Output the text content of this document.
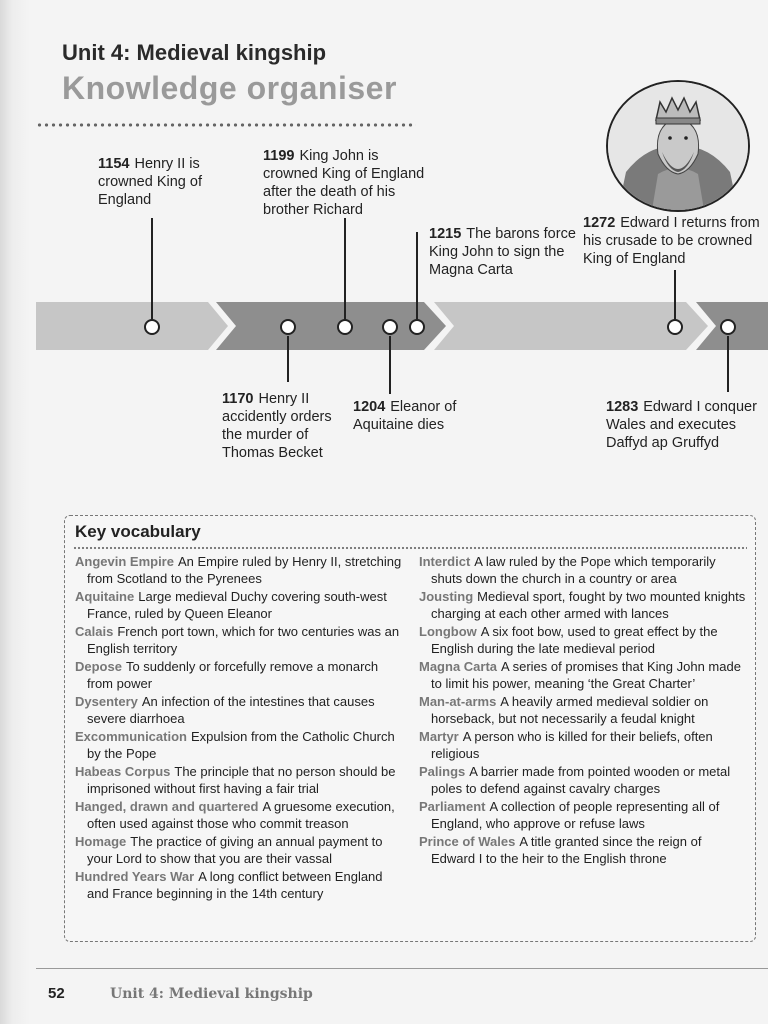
Unit 4: Medieval kingship
Knowledge organiser
1154 Henry II is crowned King of England
1199 King John is crowned King of England after the death of his brother Richard
1215 The barons force King John to sign the Magna Carta
1272 Edward I returns from his crusade to be crowned King of England
1170 Henry II accidently orders the murder of Thomas Becket
1204 Eleanor of Aquitaine dies
1283 Edward I conquer Wales and executes Daffyd ap Gruffyd
Key vocabulary
Angevin Empire An Empire ruled by Henry II, stretching from Scotland to the Pyrenees
Aquitaine Large medieval Duchy covering south-west France, ruled by Queen Eleanor
Calais French port town, which for two centuries was an English territory
Depose To suddenly or forcefully remove a monarch from power
Dysentery An infection of the intestines that causes severe diarrhoea
Excommunication Expulsion from the Catholic Church by the Pope
Habeas Corpus The principle that no person should be imprisoned without first having a fair trial
Hanged, drawn and quartered A gruesome execution, often used against those who commit treason
Homage The practice of giving an annual payment to your Lord to show that you are their vassal
Hundred Years War A long conflict between England and France beginning in the 14th century
Interdict A law ruled by the Pope which temporarily shuts down the church in a country or area
Jousting Medieval sport, fought by two mounted knights charging at each other armed with lances
Longbow A six foot bow, used to great effect by the English during the late medieval period
Magna Carta A series of promises that King John made to limit his power, meaning ‘the Great Charter’
Man-at-arms A heavily armed medieval soldier on horseback, but not necessarily a feudal knight
Martyr A person who is killed for their beliefs, often religious
Palings A barrier made from pointed wooden or metal poles to defend against cavalry charges
Parliament A collection of people representing all of England, who approve or refuse laws
Prince of Wales A title granted since the reign of Edward I to the heir to the English throne
52	Unit 4: Medieval kingship
